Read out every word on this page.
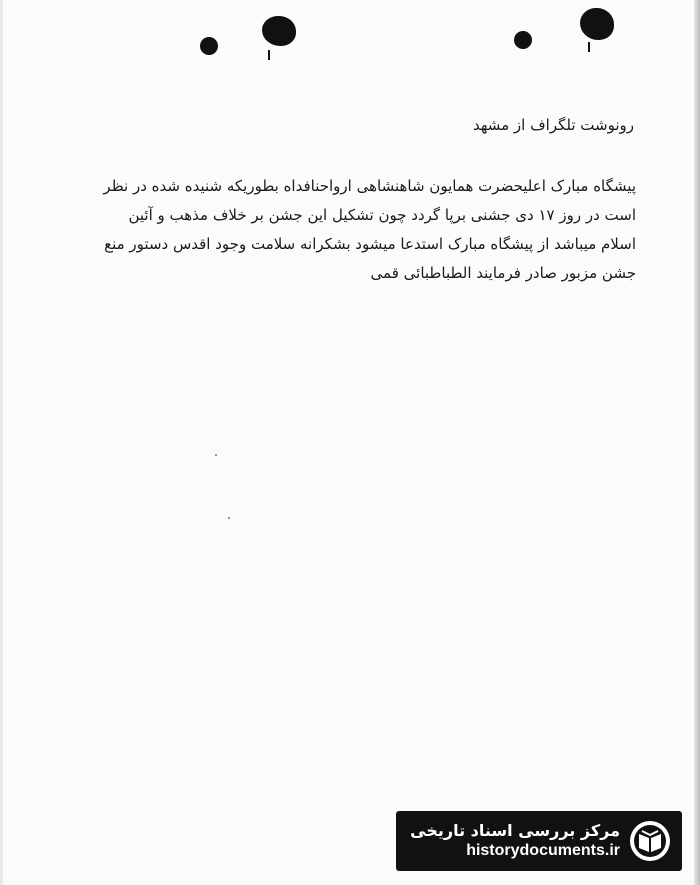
رونوشت تلگراف از مشهد
پیشگاه مبارک اعلیحضرت همایون شاهنشاهی ارواحنافداه بطوریکه شنیده شده در نظر
است در روز ۱۷ دی جشنی برپا گردد چون تشکیل این جشن بر خلاف مذهب و آئین
اسلام میباشد از پیشگاه مبارک استدعا میشود بشکرانه سلامت وجود اقدس دستور منع
جشن مزبور صادر فرمایند الطباطبائی قمی
مرکز بررسی اسناد تاریخی
historydocuments.ir
